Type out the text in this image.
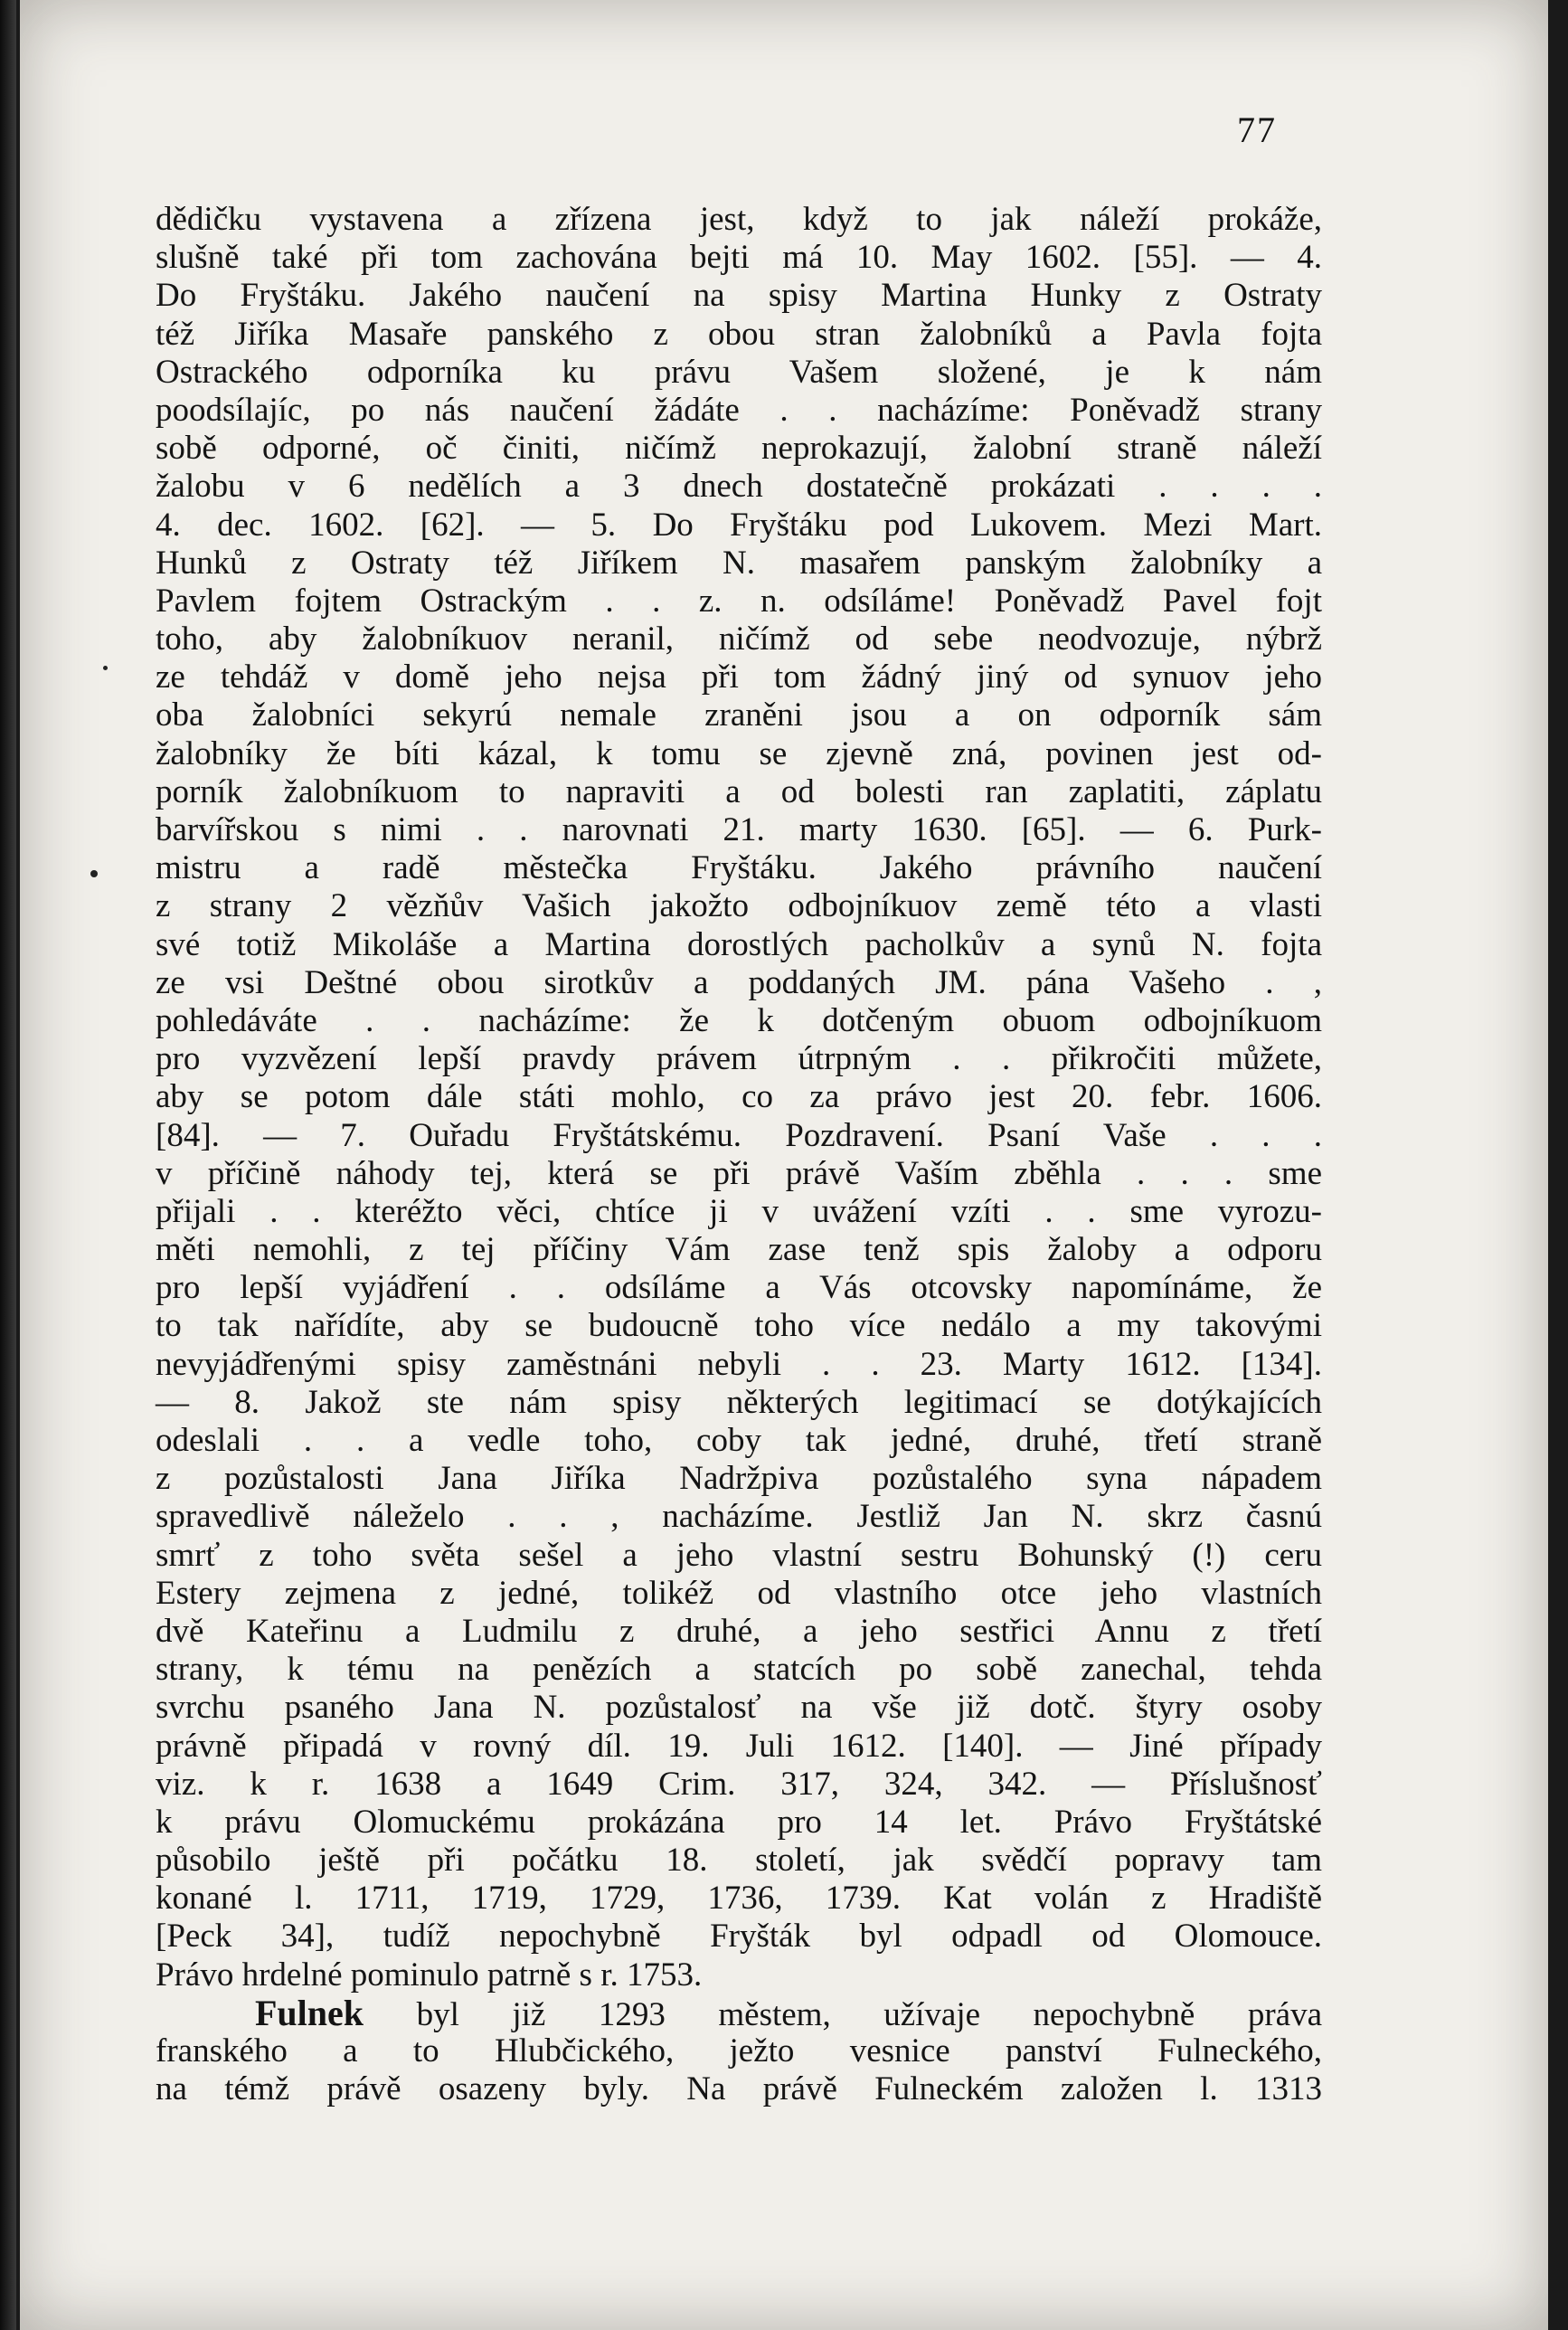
77
dědičku vystavena a zřízena jest, když to jak náleží prokáže,
slušně také při tom zachována bejti má 10. May 1602. [55]. — 4.
Do Fryštáku. Jakého naučení na spisy Martina Hunky z Ostraty
též Jiříka Masaře panského z obou stran žalobníků a Pavla fojta
Ostrackého odporníka ku právu Vašem složené, je k nám
poodsílajíc, po nás naučení žádáte . . nacházíme: Poněvadž strany
sobě odporné, oč činiti, ničímž neprokazují, žalobní straně náleží
žalobu v 6 nedělích a 3 dnech dostatečně prokázati . . . .
4. dec. 1602. [62]. — 5. Do Fryštáku pod Lukovem. Mezi Mart.
Hunků z Ostraty též Jiříkem N. masařem panským žalobníky a
Pavlem fojtem Ostrackým . . z. n. odsíláme! Poněvadž Pavel fojt
toho, aby žalobníkuov neranil, ničímž od sebe neodvozuje, nýbrž
ze tehdáž v domě jeho nejsa při tom žádný jiný od synuov jeho
oba žalobníci sekyrú nemale zraněni jsou a on odporník sám
žalobníky že bíti kázal, k tomu se zjevně zná, povinen jest od-
porník žalobníkuom to napraviti a od bolesti ran zaplatiti, záplatu
barvířskou s nimi . . narovnati 21. marty 1630. [65]. — 6. Purk-
mistru a radě městečka Fryštáku. Jakého právního naučení
z strany 2 vězňův Vašich jakožto odbojníkuov země této a vlasti
své totiž Mikoláše a Martina dorostlých pacholkův a synů N. fojta
ze vsi Deštné obou sirotkův a poddaných JM. pána Vašeho . ,
pohledáváte . . nacházíme: že k dotčeným obuom odbojníkuom
pro vyzvězení lepší pravdy právem útrpným . . přikročiti můžete,
aby se potom dále státi mohlo, co za právo jest 20. febr. 1606.
[84]. — 7. Ouřadu Fryštátskému. Pozdravení. Psaní Vaše . . .
v příčině náhody tej, která se při právě Vaším zběhla . . . sme
přijali . . kteréžto věci, chtíce ji v uvážení vzíti . . sme vyrozu-
měti nemohli, z tej příčiny Vám zase tenž spis žaloby a odporu
pro lepší vyjádření . . odsíláme a Vás otcovsky napomínáme, že
to tak nařídíte, aby se budoucně toho více nedálo a my takovými
nevyjádřenými spisy zaměstnáni nebyli . . 23. Marty 1612. [134].
— 8. Jakož ste nám spisy některých legitimací se dotýkajících
odeslali . . a vedle toho, coby tak jedné, druhé, třetí straně
z pozůstalosti Jana Jiříka Nadržpiva pozůstalého syna nápadem
spravedlivě náleželo . . , nacházíme. Jestliž Jan N. skrz časnú
smrť z toho světa sešel a jeho vlastní sestru Bohunský (!) ceru
Estery zejmena z jedné, tolikéž od vlastního otce jeho vlastních
dvě Kateřinu a Ludmilu z druhé, a jeho sestřici Annu z třetí
strany, k tému na penězích a statcích po sobě zanechal, tehda
svrchu psaného Jana N. pozůstalosť na vše již dotč. štyry osoby
právně připadá v rovný díl. 19. Juli 1612. [140]. — Jiné případy
viz. k r. 1638 a 1649 Crim. 317, 324, 342. — Příslušnosť
k právu Olomuckému prokázána pro 14 let. Právo Fryštátské
působilo ještě při počátku 18. století, jak svědčí popravy tam
konané l. 1711, 1719, 1729, 1736, 1739. Kat volán z Hradiště
[Peck 34], tudíž nepochybně Fryšták byl odpadl od Olomouce.
Právo hrdelné pominulo patrně s r. 1753.
Fulnek byl již 1293 městem, užívaje nepochybně práva
franského a to Hlubčického, ježto vesnice panství Fulneckého,
na témž právě osazeny byly. Na právě Fulneckém založen l. 1313
